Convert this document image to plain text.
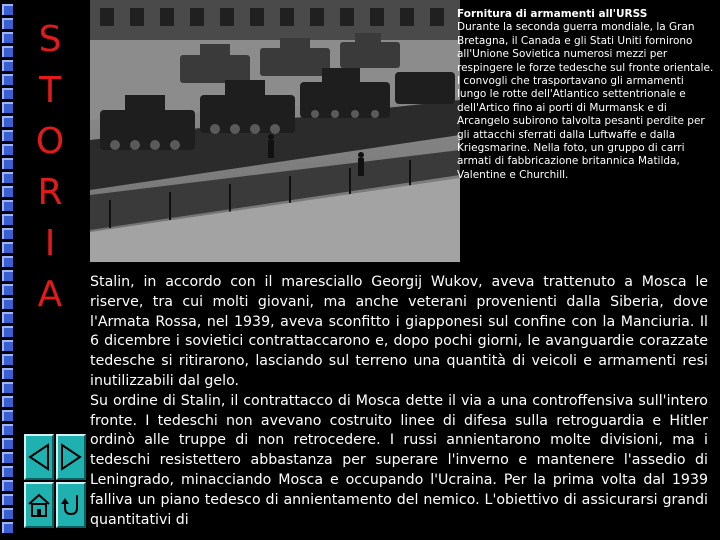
S
T
O
R
I
A
Fornitura di armamenti all'URSS
Durante la seconda guerra mondiale, la Gran Bretagna, il Canada e gli Stati Uniti fornirono all'Unione Sovietica numerosi mezzi per respingere le forze tedesche sul fronte orientale. I convogli che trasportavano gli armamenti lungo le rotte dell'Atlantico settentrionale e dell'Artico fino ai porti di Murmansk e di Arcangelo subirono talvolta pesanti perdite per gli attacchi sferrati dalla Luftwaffe e dalla Kriegsmarine. Nella foto, un gruppo di carri armati di fabbricazione britannica Matilda, Valentine e Churchill.

Stalin, in accordo con il maresciallo Georgij Wukov, aveva trattenuto a Mosca le riserve, tra cui molti giovani, ma anche veterani provenienti dalla Siberia, dove l'Armata Rossa, nel 1939, aveva sconfitto i giapponesi sul confine con la Manciuria. Il 6 dicembre i sovietici contrattaccarono e, dopo pochi giorni, le avanguardie corazzate tedesche si ritirarono, lasciando sul terreno una quantità di veicoli e armamenti resi inutilizzabili dal gelo.

Su ordine di Stalin, il contrattacco di Mosca dette il via a una controffensiva sull'intero fronte. I tedeschi non avevano costruito linee di difesa sulla retroguardia e Hitler ordinò alle truppe di non retrocedere. I russi annientarono molte divisioni, ma i tedeschi resistettero abbastanza per superare l'inverno e mantenere l'assedio di Leningrado, minacciando Mosca e occupando l'Ucraina. Per la prima volta dal 1939 falliva un piano tedesco di annientamento del nemico. L'obiettivo di assicurarsi grandi quantitativi di
